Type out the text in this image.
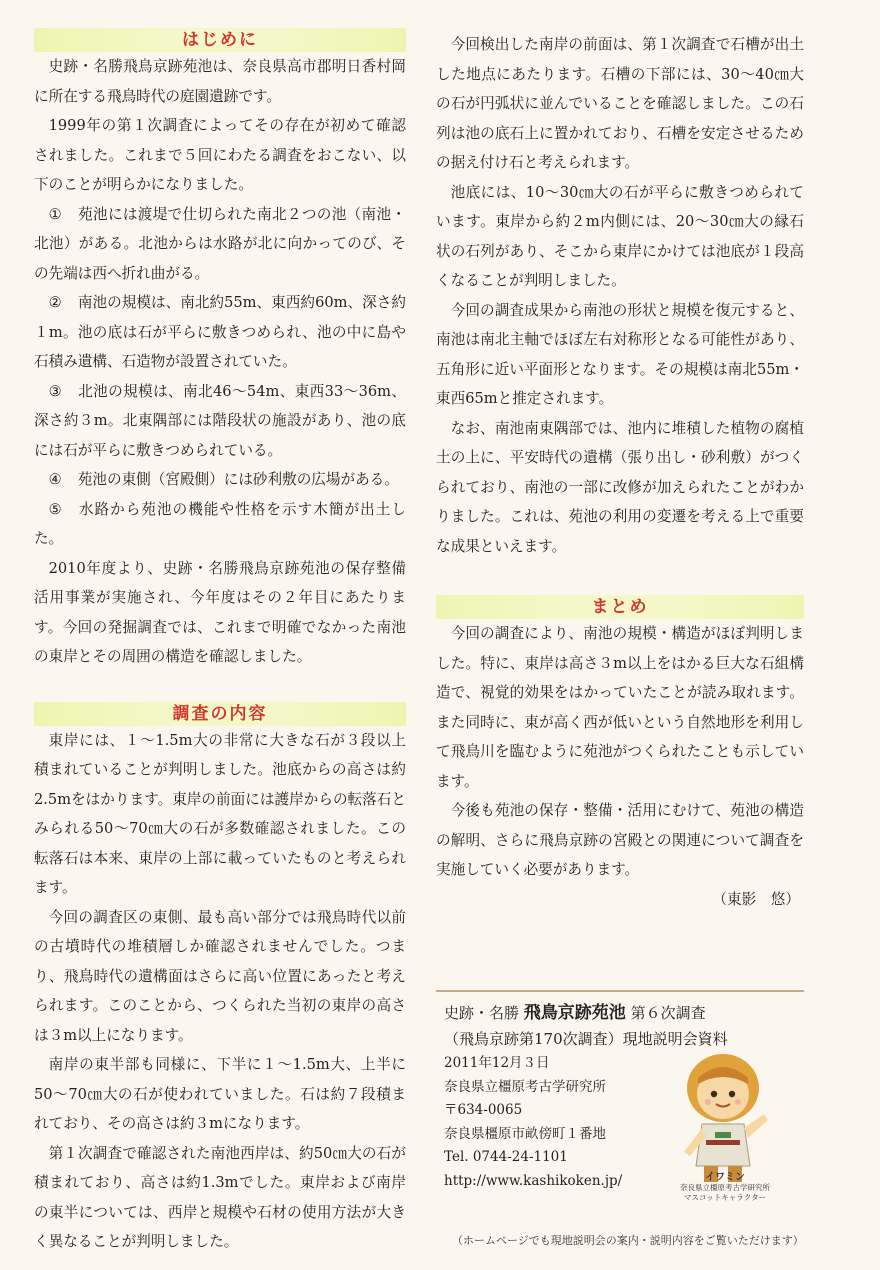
はじめに

史跡・名勝飛鳥京跡苑池は、奈良県高市郡明日香村岡に所在する飛鳥時代の庭園遺跡です。

1999年の第１次調査によってその存在が初めて確認されました。これまで５回にわたる調査をおこない、以下のことが明らかになりました。

① 苑池には渡堤で仕切られた南北２つの池（南池・北池）がある。北池からは水路が北に向かってのび、その先端は西へ折れ曲がる。

② 南池の規模は、南北約55m、東西約60m、深さ約１m。池の底は石が平らに敷きつめられ、池の中に島や石積み遺構、石造物が設置されていた。

③ 北池の規模は、南北46～54m、東西33～36m、深さ約３m。北東隅部には階段状の施設があり、池の底には石が平らに敷きつめられている。

④ 苑池の東側（宮殿側）には砂利敷の広場がある。

⑤ 水路から苑池の機能や性格を示す木簡が出土した。

2010年度より、史跡・名勝飛鳥京跡苑池の保存整備活用事業が実施され、今年度はその２年目にあたります。今回の発掘調査では、これまで明確でなかった南池の東岸とその周囲の構造を確認しました。

調査の内容

東岸には、１～1.5m大の非常に大きな石が３段以上積まれていることが判明しました。池底からの高さは約2.5mをはかります。東岸の前面には護岸からの転落石とみられる50～70㎝大の石が多数確認されました。この転落石は本来、東岸の上部に載っていたものと考えられます。

今回の調査区の東側、最も高い部分では飛鳥時代以前の古墳時代の堆積層しか確認されませんでした。つまり、飛鳥時代の遺構面はさらに高い位置にあったと考えられます。このことから、つくられた当初の東岸の高さは３m以上になります。

南岸の東半部も同様に、下半に１～1.5m大、上半に50～70㎝大の石が使われていました。石は約７段積まれており、その高さは約３mになります。

第１次調査で確認された南池西岸は、約50㎝大の石が積まれており、高さは約1.3mでした。東岸および南岸の東半については、西岸と規模や石材の使用方法が大きく異なることが判明しました。

今回検出した南岸の前面は、第１次調査で石槽が出土した地点にあたります。石槽の下部には、30～40㎝大の石が円弧状に並んでいることを確認しました。この石列は池の底石上に置かれており、石槽を安定させるための据え付け石と考えられます。

池底には、10～30㎝大の石が平らに敷きつめられています。東岸から約２m内側には、20～30㎝大の縁石状の石列があり、そこから東岸にかけては池底が１段高くなることが判明しました。

今回の調査成果から南池の形状と規模を復元すると、南池は南北主軸でほぼ左右対称形となる可能性があり、五角形に近い平面形となります。その規模は南北55m・東西65mと推定されます。

なお、南池南東隅部では、池内に堆積した植物の腐植土の上に、平安時代の遺構（張り出し・砂利敷）がつくられており、南池の一部に改修が加えられたことがわかりました。これは、苑池の利用の変遷を考える上で重要な成果といえます。

まとめ

今回の調査により、南池の規模・構造がほぼ判明しました。特に、東岸は高さ３m以上をはかる巨大な石組構造で、視覚的効果をはかっていたことが読み取れます。また同時に、東が高く西が低いという自然地形を利用して飛鳥川を臨むように苑池がつくられたことも示しています。

今後も苑池の保存・整備・活用にむけて、苑池の構造の解明、さらに飛鳥京跡の宮殿との関連について調査を実施していく必要があります。

（東影　悠）

史跡・名勝 飛鳥京跡苑池 第６次調査
（飛鳥京跡第170次調査）現地説明会資料
2011年12月３日
奈良県立橿原考古学研究所
〒634-0065
奈良県橿原市畝傍町１番地
Tel. 0744-24-1101
http://www.kashikoken.jp/
（ホームページでも現地説明会の案内・説明内容をご覧いただけます）
イワミン
奈良県立橿原考古学研究所
マスコットキャラクター
